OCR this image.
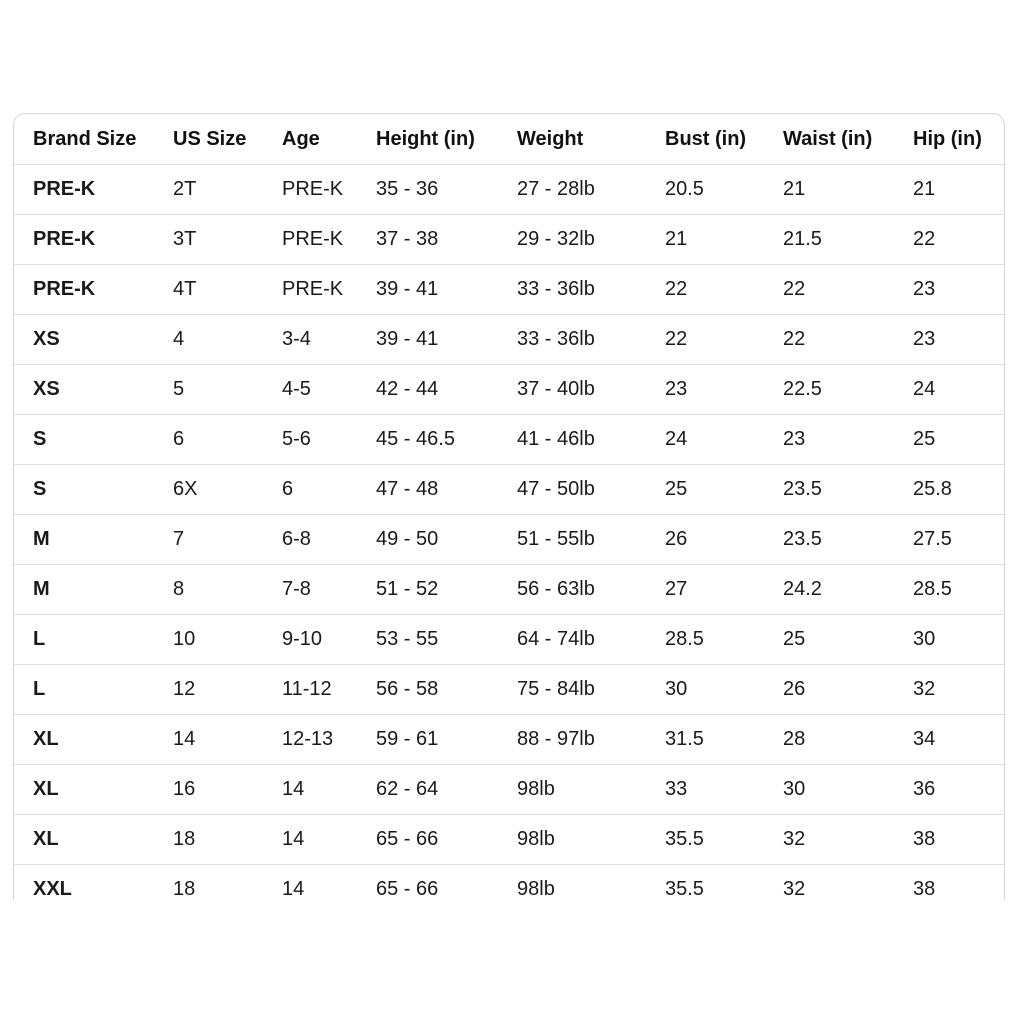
Brand Size	US Size	Age	Height (in)	Weight	Bust (in)	Waist (in)	Hip (in)
PRE-K	2T	PRE-K	35 - 36	27 - 28lb	20.5	21	21
PRE-K	3T	PRE-K	37 - 38	29 - 32lb	21	21.5	22
PRE-K	4T	PRE-K	39 - 41	33 - 36lb	22	22	23
XS	4	3-4	39 - 41	33 - 36lb	22	22	23
XS	5	4-5	42 - 44	37 - 40lb	23	22.5	24
S	6	5-6	45 - 46.5	41 - 46lb	24	23	25
S	6X	6	47 - 48	47 - 50lb	25	23.5	25.8
M	7	6-8	49 - 50	51 - 55lb	26	23.5	27.5
M	8	7-8	51 - 52	56 - 63lb	27	24.2	28.5
L	10	9-10	53 - 55	64 - 74lb	28.5	25	30
L	12	11-12	56 - 58	75 - 84lb	30	26	32
XL	14	12-13	59 - 61	88 - 97lb	31.5	28	34
XL	16	14	62 - 64	98lb	33	30	36
XL	18	14	65 - 66	98lb	35.5	32	38
XXL	18	14	65 - 66	98lb	35.5	32	38
